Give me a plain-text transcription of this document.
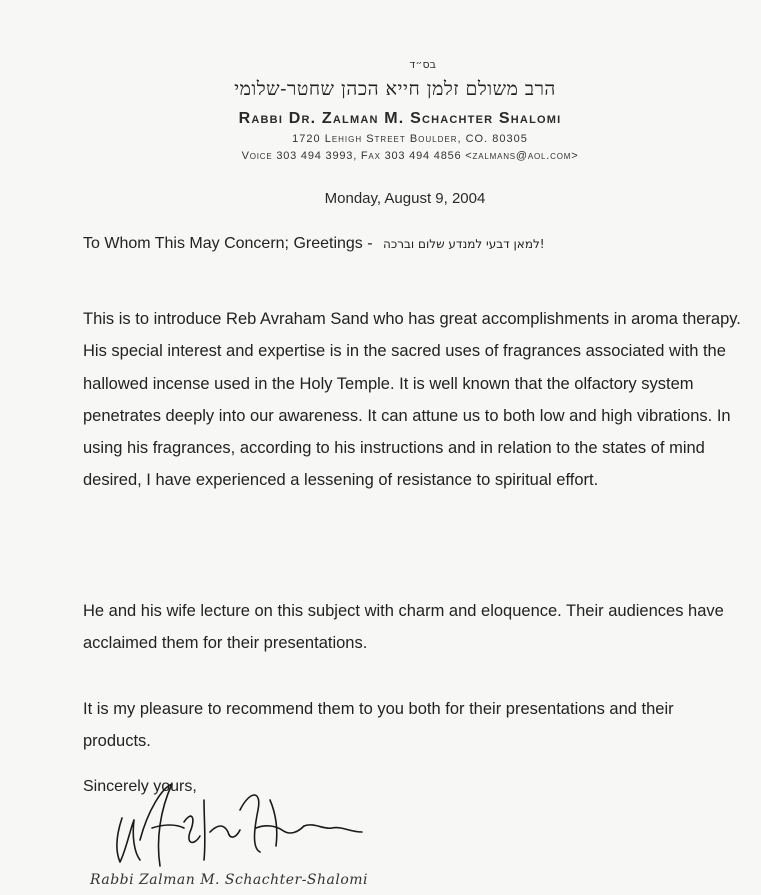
בס״ד
הרב משולם זלמן חייא הכהן שחטר-שלומי
Rabbi Dr. Zalman M. Schachter Shalomi
1720 Lehigh Street Boulder, CO. 80305
Voice 303 494 3993, Fax 303 494 4856 <zalmans@aol.com>
Monday, August 9, 2004
To Whom This May Concern; Greetings - !למאן דבעי למנדע שלום וברכה

This is to introduce Reb Avraham Sand who has great accomplishments in aroma therapy. His special interest and expertise is in the sacred uses of fragrances associated with the hallowed incense used in the Holy Temple. It is well known that the olfactory system penetrates deeply into our awareness. It can attune us to both low and high vibrations. In using his fragrances, according to his instructions and in relation to the states of mind desired, I have experienced a lessening of resistance to spiritual effort.

He and his wife lecture on this subject with charm and eloquence. Their audiences have acclaimed them for their presentations.

It is my pleasure to recommend them to you both for their presentations and their products.

Sincerely yours,
Rabbi Zalman M. Schachter-Shalomi
